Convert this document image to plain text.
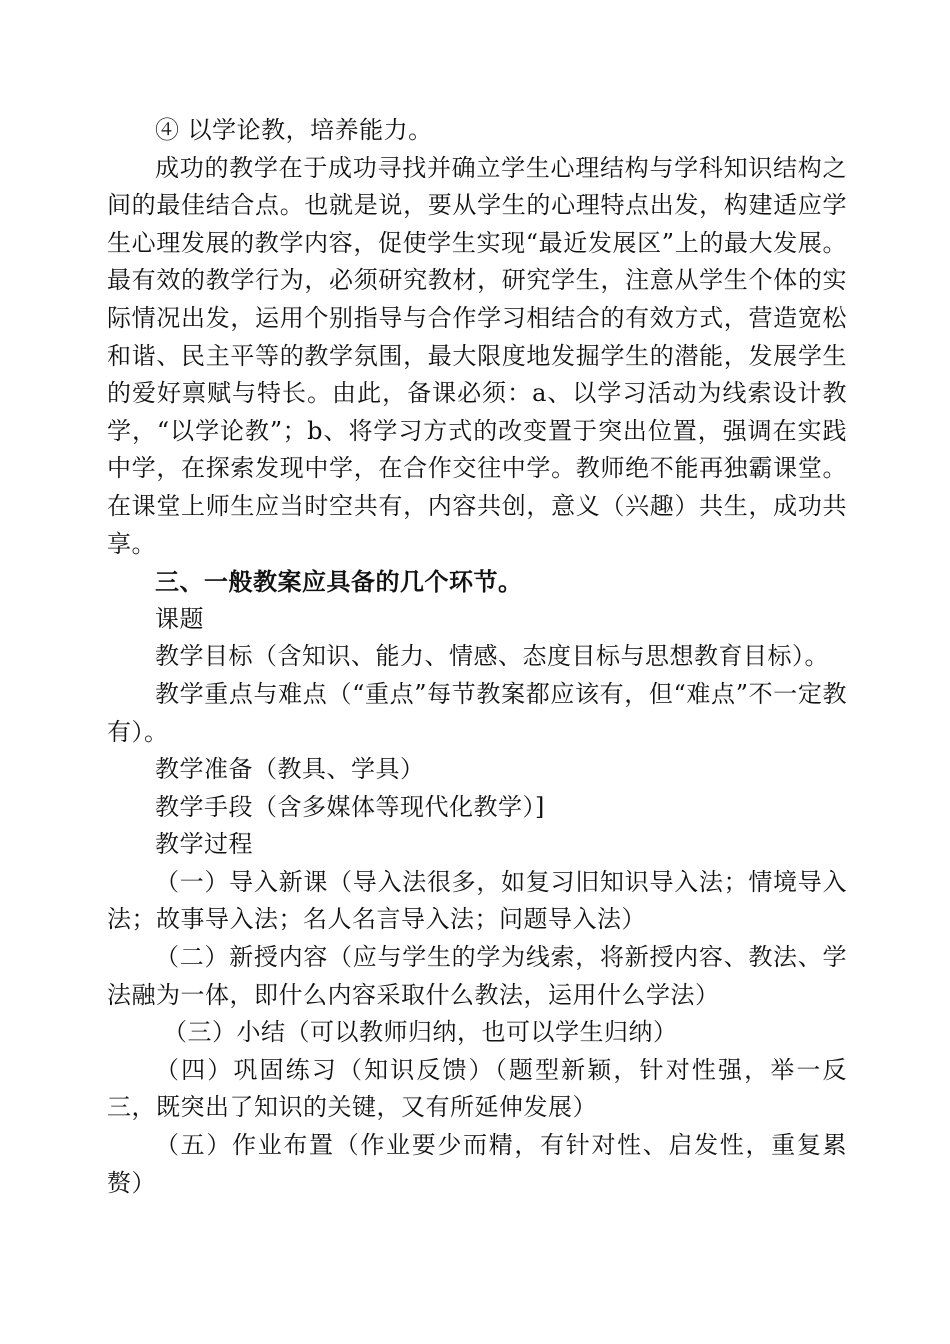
④ 以学论教，培养能力。

成功的教学在于成功寻找并确立学生心理结构与学科知识结构之间的最佳结合点。也就是说，要从学生的心理特点出发，构建适应学生心理发展的教学内容，促使学生实现“最近发展区”上的最大发展。最有效的教学行为，必须研究教材，研究学生，注意从学生个体的实际情况出发，运用个别指导与合作学习相结合的有效方式，营造宽松和谐、民主平等的教学氛围，最大限度地发掘学生的潜能，发展学生的爱好禀赋与特长。由此，备课必须：a、以学习活动为线索设计教学，“以学论教”；b、将学习方式的改变置于突出位置，强调在实践中学，在探索发现中学，在合作交往中学。教师绝不能再独霸课堂。在课堂上师生应当时空共有，内容共创，意义（兴趣）共生，成功共享。

三、一般教案应具备的几个环节。

课题

教学目标（含知识、能力、情感、态度目标与思想教育目标）。

教学重点与难点（“重点”每节教案都应该有，但“难点”不一定教有）。

教学准备（教具、学具）

教学手段（含多媒体等现代化教学）]

教学过程

（一）导入新课（导入法很多，如复习旧知识导入法；情境导入法；故事导入法；名人名言导入法；问题导入法）

（二）新授内容（应与学生的学为线索，将新授内容、教法、学法融为一体，即什么内容采取什么教法，运用什么学法）

（三）小结（可以教师归纳，也可以学生归纳）

（四）巩固练习（知识反馈）（题型新颖，针对性强，举一反三，既突出了知识的关键，又有所延伸发展）

（五）作业布置（作业要少而精，有针对性、启发性，重复累赘）
